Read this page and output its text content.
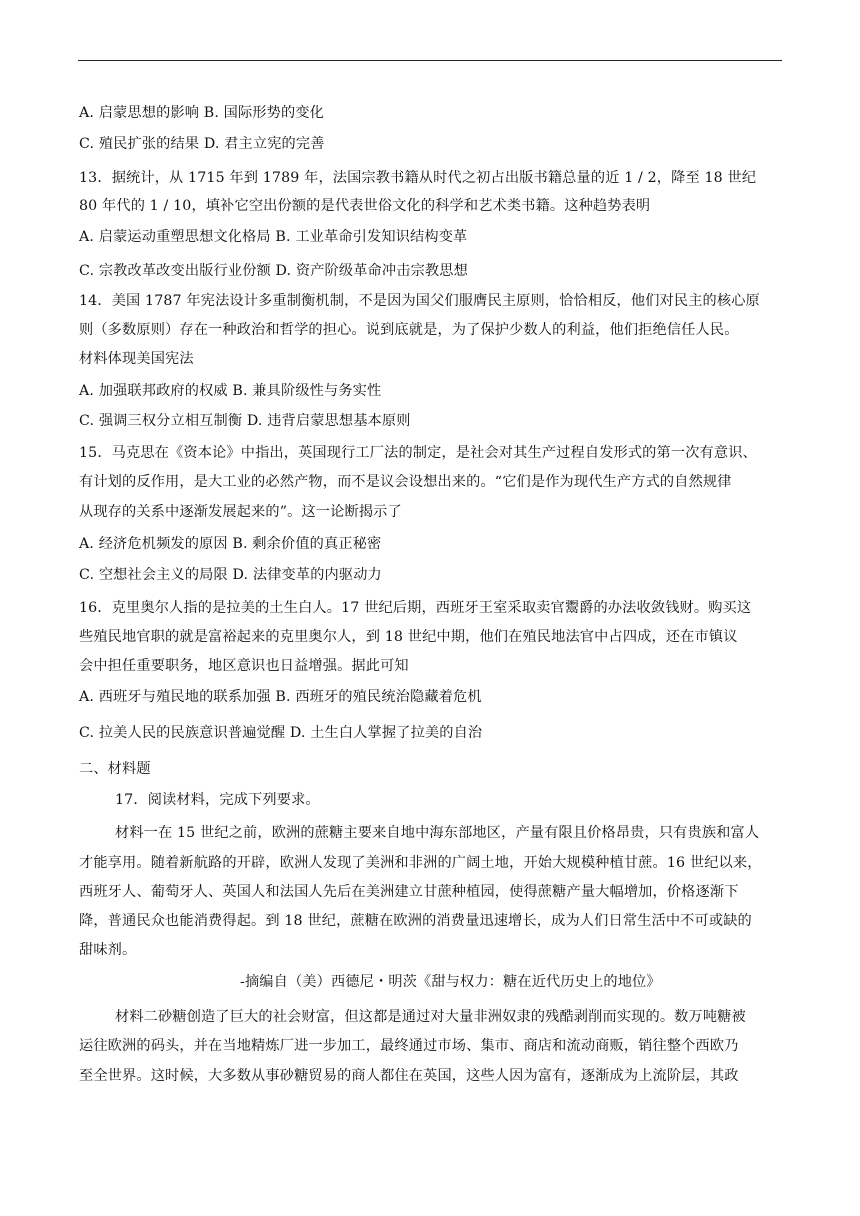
A. 启蒙思想的影响 B. 国际形势的变化
C. 殖民扩张的结果 D. 君主立宪的完善
13．据统计，从 1715 年到 1789 年，法国宗教书籍从时代之初占出版书籍总量的近 1 / 2，降至 18 世纪
80 年代的 1 / 10，填补它空出份额的是代表世俗文化的科学和艺术类书籍。这种趋势表明
A. 启蒙运动重塑思想文化格局 B. 工业革命引发知识结构变革
C. 宗教改革改变出版行业份额 D. 资产阶级革命冲击宗教思想
14．美国 1787 年宪法设计多重制衡机制，不是因为国父们服膺民主原则，恰恰相反，他们对民主的核心原
则（多数原则）存在一种政治和哲学的担心。说到底就是，为了保护少数人的利益，他们拒绝信任人民。
材料体现美国宪法
A. 加强联邦政府的权威 B. 兼具阶级性与务实性
C. 强调三权分立相互制衡 D. 违背启蒙思想基本原则
15．马克思在《资本论》中指出，英国现行工厂法的制定，是社会对其生产过程自发形式的第一次有意识、
有计划的反作用，是大工业的必然产物，而不是议会设想出来的。“它们是作为现代生产方式的自然规律
从现存的关系中逐渐发展起来的”。这一论断揭示了
A. 经济危机频发的原因 B. 剩余价值的真正秘密
C. 空想社会主义的局限 D. 法律变革的内驱动力
16．克里奥尔人指的是拉美的土生白人。17 世纪后期，西班牙王室采取卖官鬻爵的办法收敛钱财。购买这
些殖民地官职的就是富裕起来的克里奥尔人，到 18 世纪中期，他们在殖民地法官中占四成，还在市镇议
会中担任重要职务，地区意识也日益增强。据此可知
A. 西班牙与殖民地的联系加强 B. 西班牙的殖民统治隐藏着危机
C. 拉美人民的民族意识普遍觉醒 D. 土生白人掌握了拉美的自治
二、材料题
17．阅读材料，完成下列要求。
材料一在 15 世纪之前，欧洲的蔗糖主要来自地中海东部地区，产量有限且价格昂贵，只有贵族和富人
才能享用。随着新航路的开辟，欧洲人发现了美洲和非洲的广阔土地，开始大规模种植甘蔗。16 世纪以来，
西班牙人、葡萄牙人、英国人和法国人先后在美洲建立甘蔗种植园，使得蔗糖产量大幅增加，价格逐渐下
降，普通民众也能消费得起。到 18 世纪，蔗糖在欧洲的消费量迅速增长，成为人们日常生活中不可或缺的
甜味剂。
-摘编自（美）西德尼・明茨《甜与权力：糖在近代历史上的地位》
材料二砂糖创造了巨大的社会财富，但这都是通过对大量非洲奴隶的残酷剥削而实现的。数万吨糖被
运往欧洲的码头，并在当地精炼厂进一步加工，最终通过市场、集市、商店和流动商贩，销往整个西欧乃
至全世界。这时候，大多数从事砂糖贸易的商人都住在英国，这些人因为富有，逐渐成为上流阶层，其政
